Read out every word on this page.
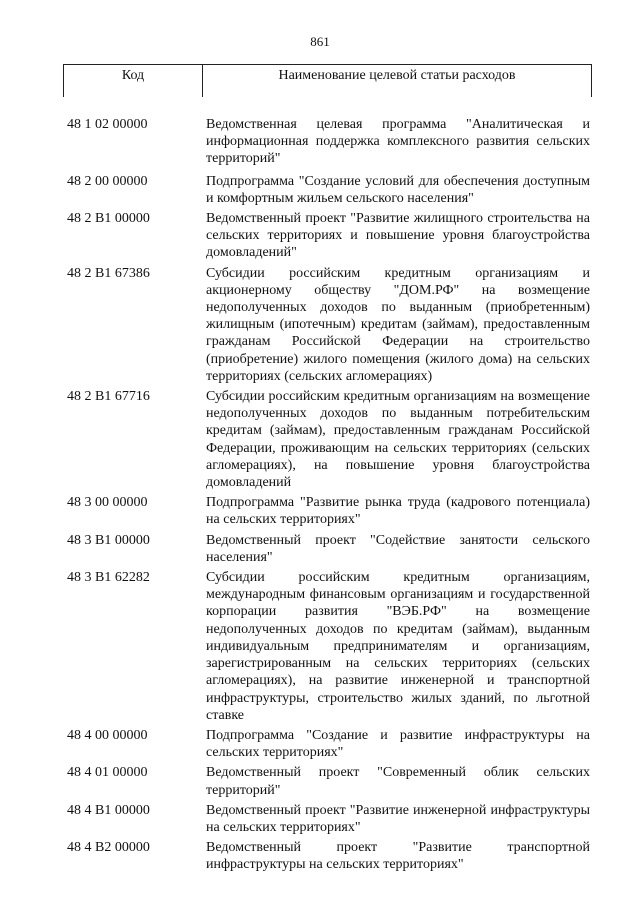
861
Код	Наименование целевой статьи расходов
48 1 02 00000	Ведомственная целевая программа "Аналитическая и информационная поддержка комплексного развития сельских территорий"
48 2 00 00000	Подпрограмма "Создание условий для обеспечения доступным и комфортным жильем сельского населения"
48 2 В1 00000	Ведомственный проект "Развитие жилищного строительства на сельских территориях и повышение уровня благоустройства домовладений"
48 2 В1 67386	Субсидии российским кредитным организациям и акционерному обществу "ДОМ.РФ" на возмещение недополученных доходов по выданным (приобретенным) жилищным (ипотечным) кредитам (займам), предоставленным гражданам Российской Федерации на строительство (приобретение) жилого помещения (жилого дома) на сельских территориях (сельских агломерациях)
48 2 В1 67716	Субсидии российским кредитным организациям на возмещение недополученных доходов по выданным потребительским кредитам (займам), предоставленным гражданам Российской Федерации, проживающим на сельских территориях (сельских агломерациях), на повышение уровня благоустройства домовладений
48 3 00 00000	Подпрограмма "Развитие рынка труда (кадрового потенциала) на сельских территориях"
48 3 В1 00000	Ведомственный проект "Содействие занятости сельского населения"
48 3 В1 62282	Субсидии российским кредитным организациям, международным финансовым организациям и государственной корпорации развития "ВЭБ.РФ" на возмещение недополученных доходов по кредитам (займам), выданным индивидуальным предпринимателям и организациям, зарегистрированным на сельских территориях (сельских агломерациях), на развитие инженерной и транспортной инфраструктуры, строительство жилых зданий, по льготной ставке
48 4 00 00000	Подпрограмма "Создание и развитие инфраструктуры на сельских территориях"
48 4 01 00000	Ведомственный проект "Современный облик сельских территорий"
48 4 В1 00000	Ведомственный проект "Развитие инженерной инфраструктуры на сельских территориях"
48 4 В2 00000	Ведомственный проект "Развитие транспортной инфраструктуры на сельских территориях"
